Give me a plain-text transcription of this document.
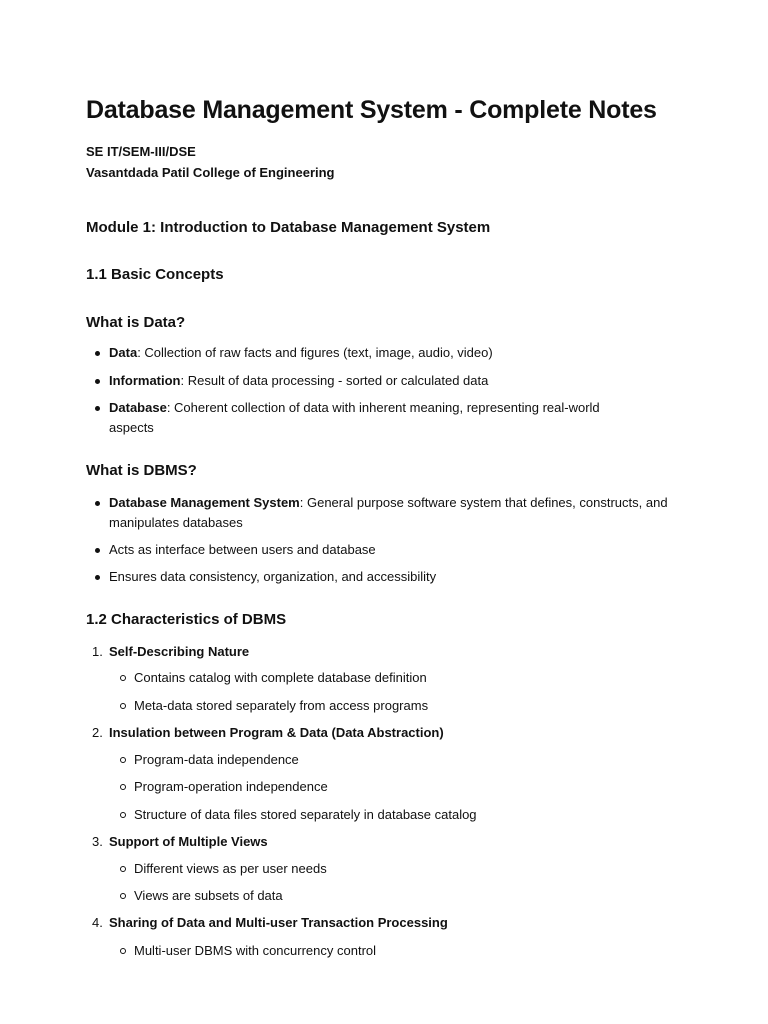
Database Management System - Complete Notes
SE IT/SEM-III/DSE
Vasantdada Patil College of Engineering
Module 1: Introduction to Database Management System
1.1 Basic Concepts
What is Data?
Data: Collection of raw facts and figures (text, image, audio, video)
Information: Result of data processing - sorted or calculated data
Database: Coherent collection of data with inherent meaning, representing real-world aspects
What is DBMS?
Database Management System: General purpose software system that defines, constructs, and manipulates databases
Acts as interface between users and database
Ensures data consistency, organization, and accessibility
1.2 Characteristics of DBMS
1. Self-Describing Nature
Contains catalog with complete database definition
Meta-data stored separately from access programs
2. Insulation between Program & Data (Data Abstraction)
Program-data independence
Program-operation independence
Structure of data files stored separately in database catalog
3. Support of Multiple Views
Different views as per user needs
Views are subsets of data
4. Sharing of Data and Multi-user Transaction Processing
Multi-user DBMS with concurrency control
